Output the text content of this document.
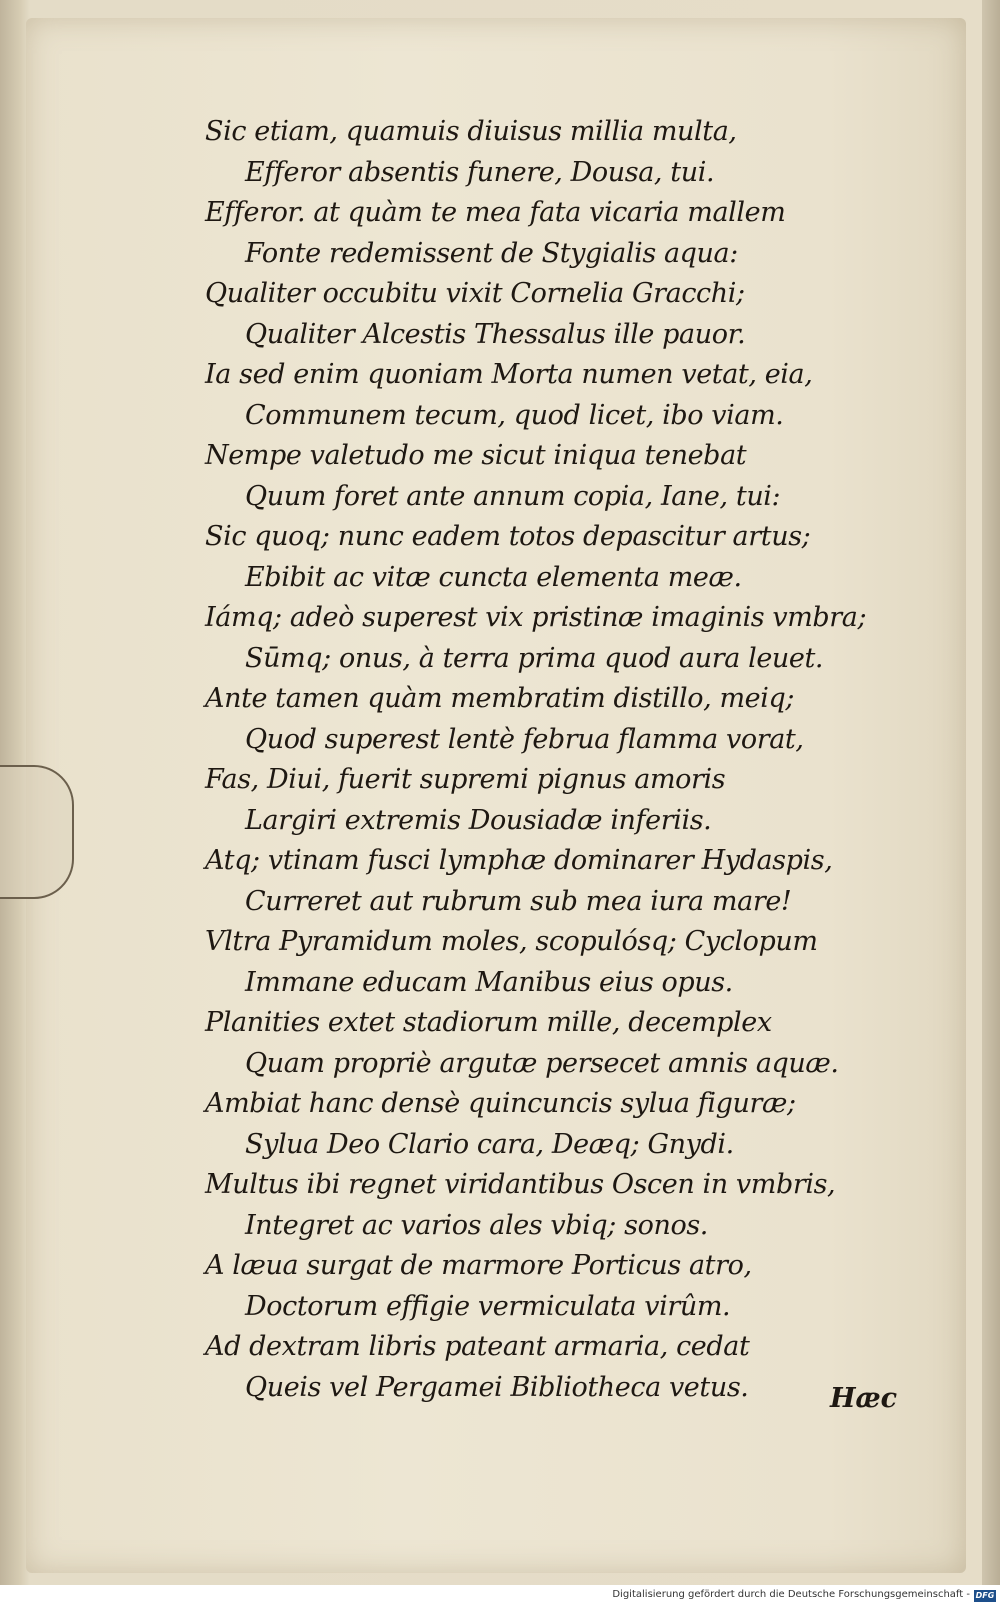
Sic etiam, quamuis diuisus millia multa,
Efferor absentis funere, Dousa, tui.
Efferor. at quàm te mea fata vicaria mallem
Fonte redemissent de Stygialis aqua:
Qualiter occubitu vixit Cornelia Gracchi;
Qualiter Alcestis Thessalus ille pauor.
Ia sed enim quoniam Morta numen vetat, eia,
Communem tecum, quod licet, ibo viam.
Nempe valetudo me sicut iniqua tenebat
Quum foret ante annum copia, Iane, tui:
Sic quoq; nunc eadem totos depascitur artus;
Ebibit ac vitæ cuncta elementa meæ.
Iámq; adeò superest vix pristinæ imaginis vmbra;
Sūmq; onus, à terra prima quod aura leuet.
Ante tamen quàm membratim distillo, meiq;
Quod superest lentè februa flamma vorat,
Fas, Diui, fuerit supremi pignus amoris
Largiri extremis Dousiadæ inferiis.
Atq; vtinam fusci lymphæ dominarer Hydaspis,
Curreret aut rubrum sub mea iura mare!
Vltra Pyramidum moles, scopulósq; Cyclopum
Immane educam Manibus eius opus.
Planities extet stadiorum mille, decemplex
Quam propriè argutæ persecet amnis aquæ.
Ambiat hanc densè quincuncis sylua figuræ;
Sylua Deo Clario cara, Deæq; Gnydi.
Multus ibi regnet viridantibus Oscen in vmbris,
Integret ac varios ales vbiq; sonos.
A læua surgat de marmore Porticus atro,
Doctorum effigie vermiculata virûm.
Ad dextram libris pateant armaria, cedat
Queis vel Pergamei Bibliotheca vetus.	Hæc
Digitalisierung gefördert durch die Deutsche Forschungsgemeinschaft - DFG
